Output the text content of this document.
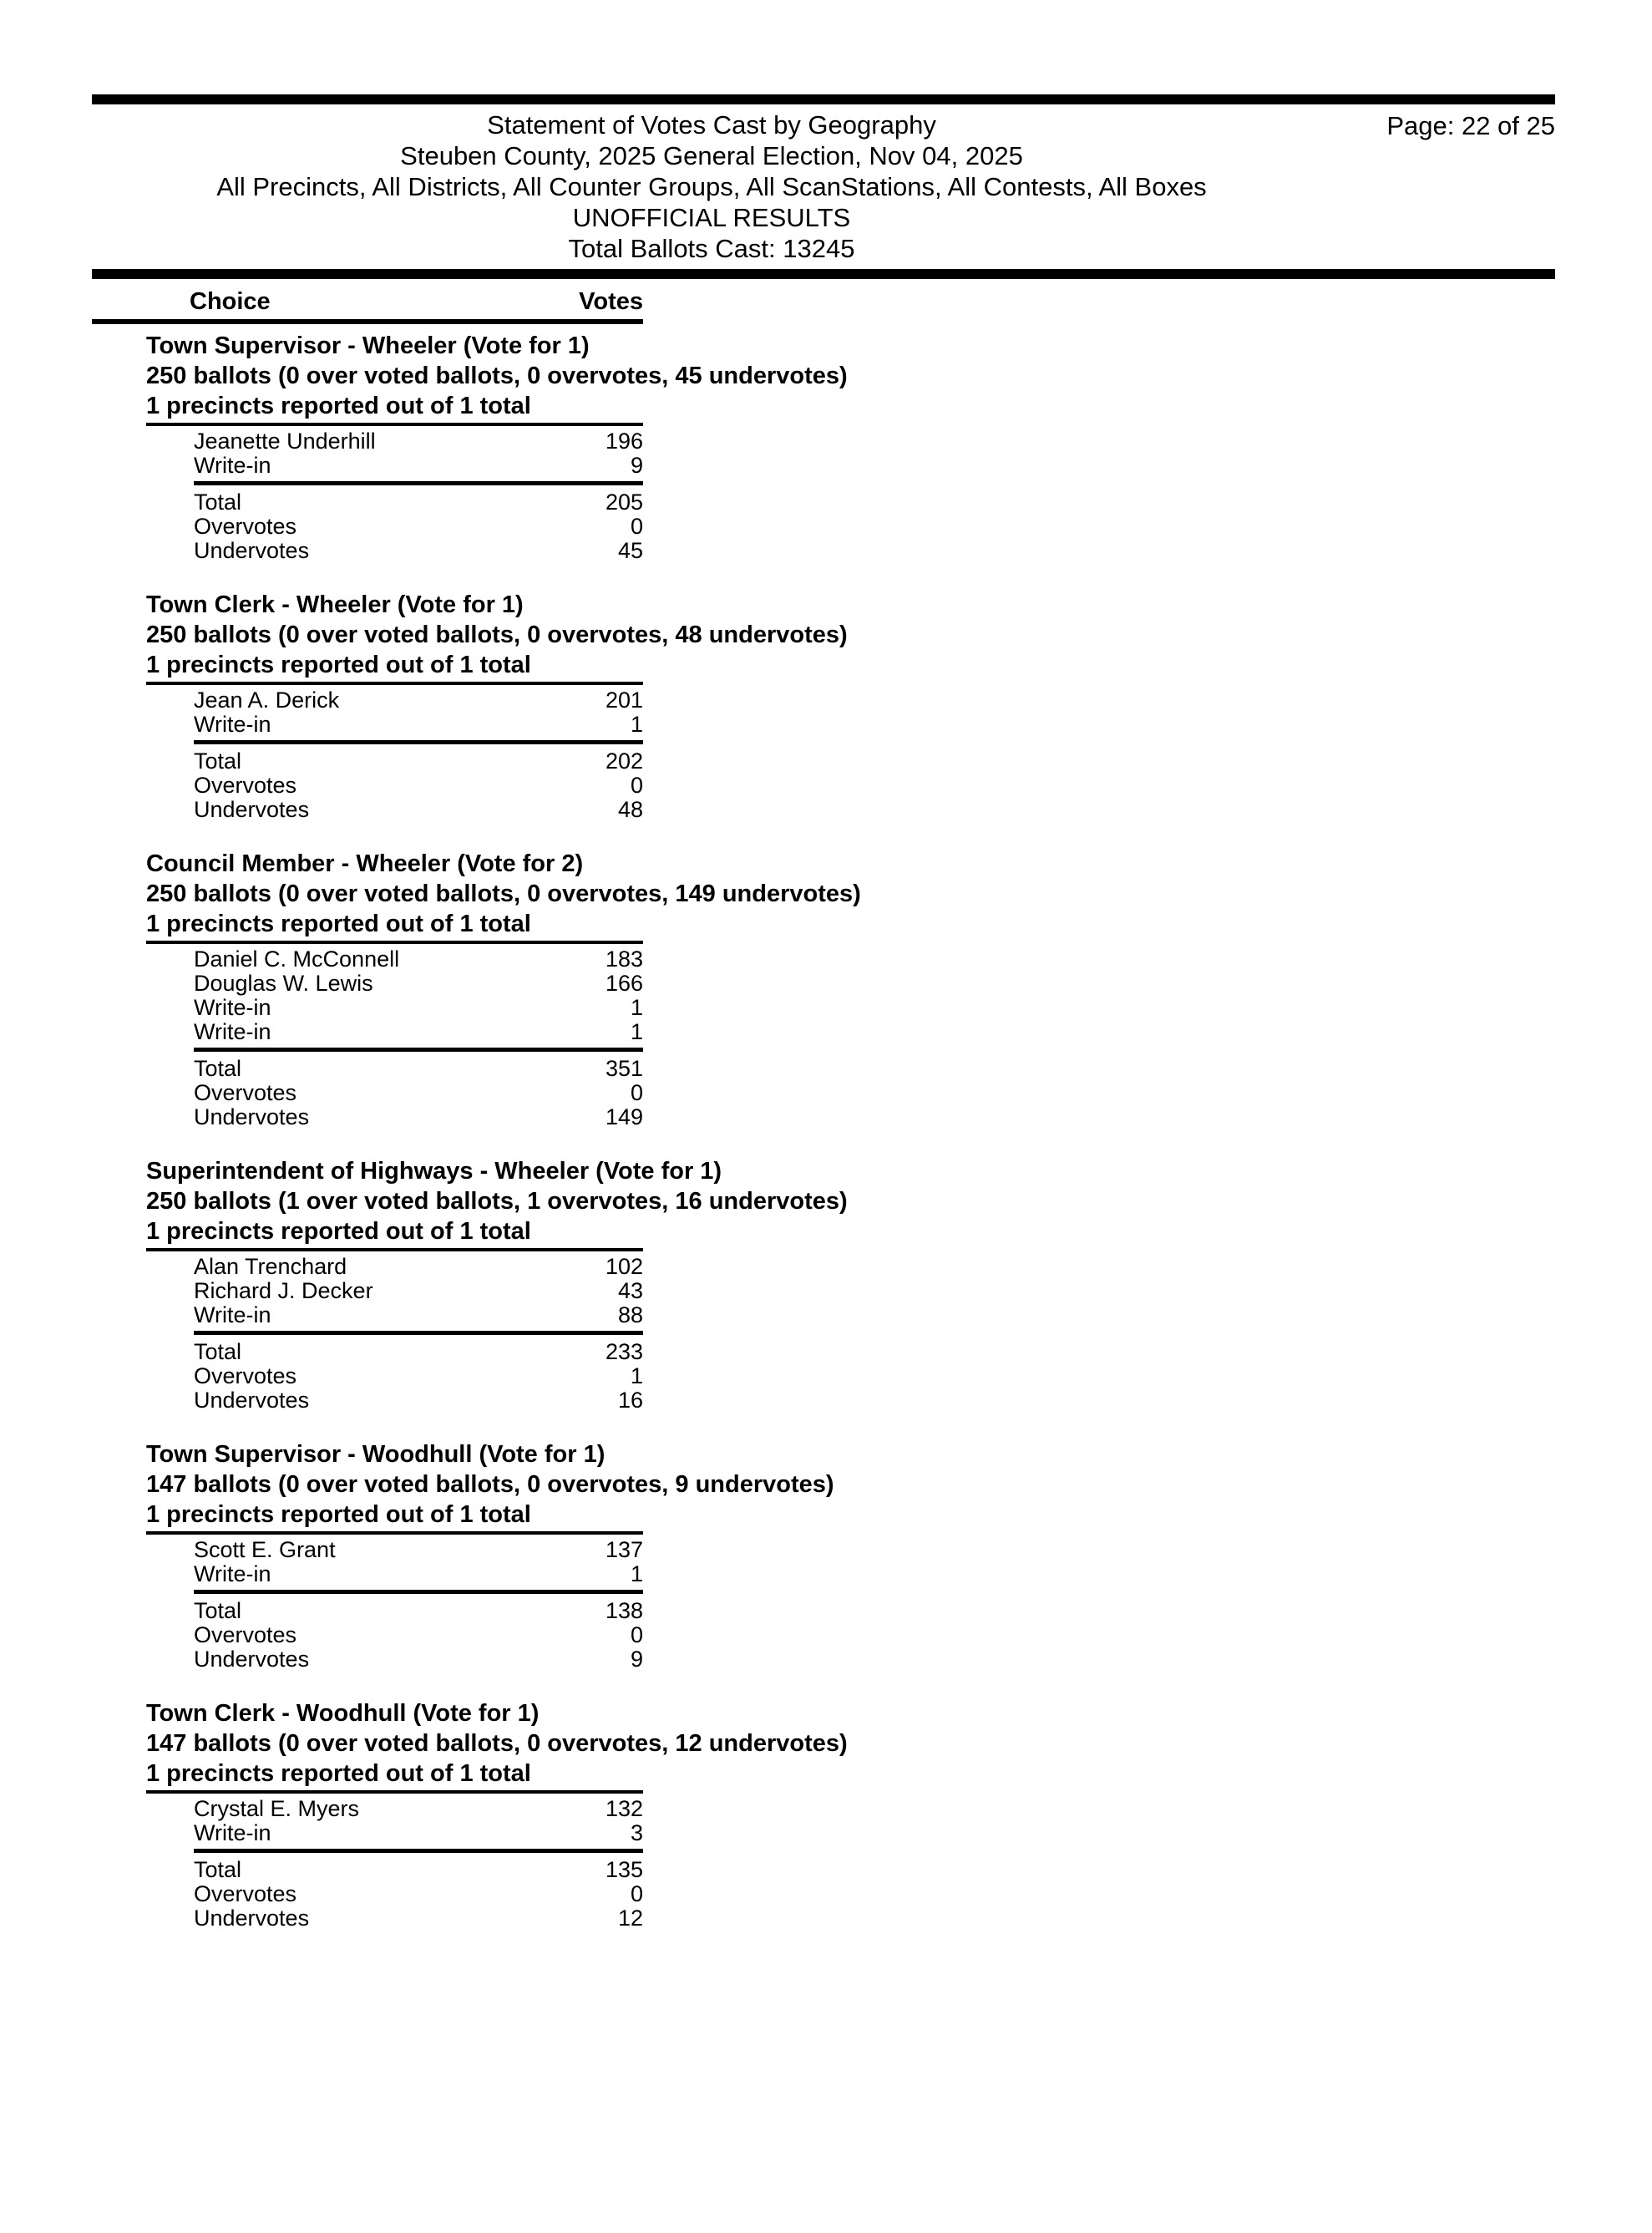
Statement of Votes Cast by Geography
Steuben County, 2025 General Election, Nov 04, 2025
All Precincts, All Districts, All Counter Groups, All ScanStations, All Contests, All Boxes
UNOFFICIAL RESULTS
Total Ballots Cast: 13245
Page: 22 of 25
Choice	Votes
Town Supervisor - Wheeler (Vote for 1)
250 ballots (0 over voted ballots, 0 overvotes, 45 undervotes)
1 precincts reported out of 1 total
Jeanette Underhill	196
Write-in	9
Total	205
Overvotes	0
Undervotes	45
Town Clerk - Wheeler (Vote for 1)
250 ballots (0 over voted ballots, 0 overvotes, 48 undervotes)
1 precincts reported out of 1 total
Jean A. Derick	201
Write-in	1
Total	202
Overvotes	0
Undervotes	48
Council Member - Wheeler (Vote for 2)
250 ballots (0 over voted ballots, 0 overvotes, 149 undervotes)
1 precincts reported out of 1 total
Daniel C. McConnell	183
Douglas W. Lewis	166
Write-in	1
Write-in	1
Total	351
Overvotes	0
Undervotes	149
Superintendent of Highways - Wheeler (Vote for 1)
250 ballots (1 over voted ballots, 1 overvotes, 16 undervotes)
1 precincts reported out of 1 total
Alan Trenchard	102
Richard J. Decker	43
Write-in	88
Total	233
Overvotes	1
Undervotes	16
Town Supervisor - Woodhull (Vote for 1)
147 ballots (0 over voted ballots, 0 overvotes, 9 undervotes)
1 precincts reported out of 1 total
Scott E. Grant	137
Write-in	1
Total	138
Overvotes	0
Undervotes	9
Town Clerk - Woodhull (Vote for 1)
147 ballots (0 over voted ballots, 0 overvotes, 12 undervotes)
1 precincts reported out of 1 total
Crystal E. Myers	132
Write-in	3
Total	135
Overvotes	0
Undervotes	12
